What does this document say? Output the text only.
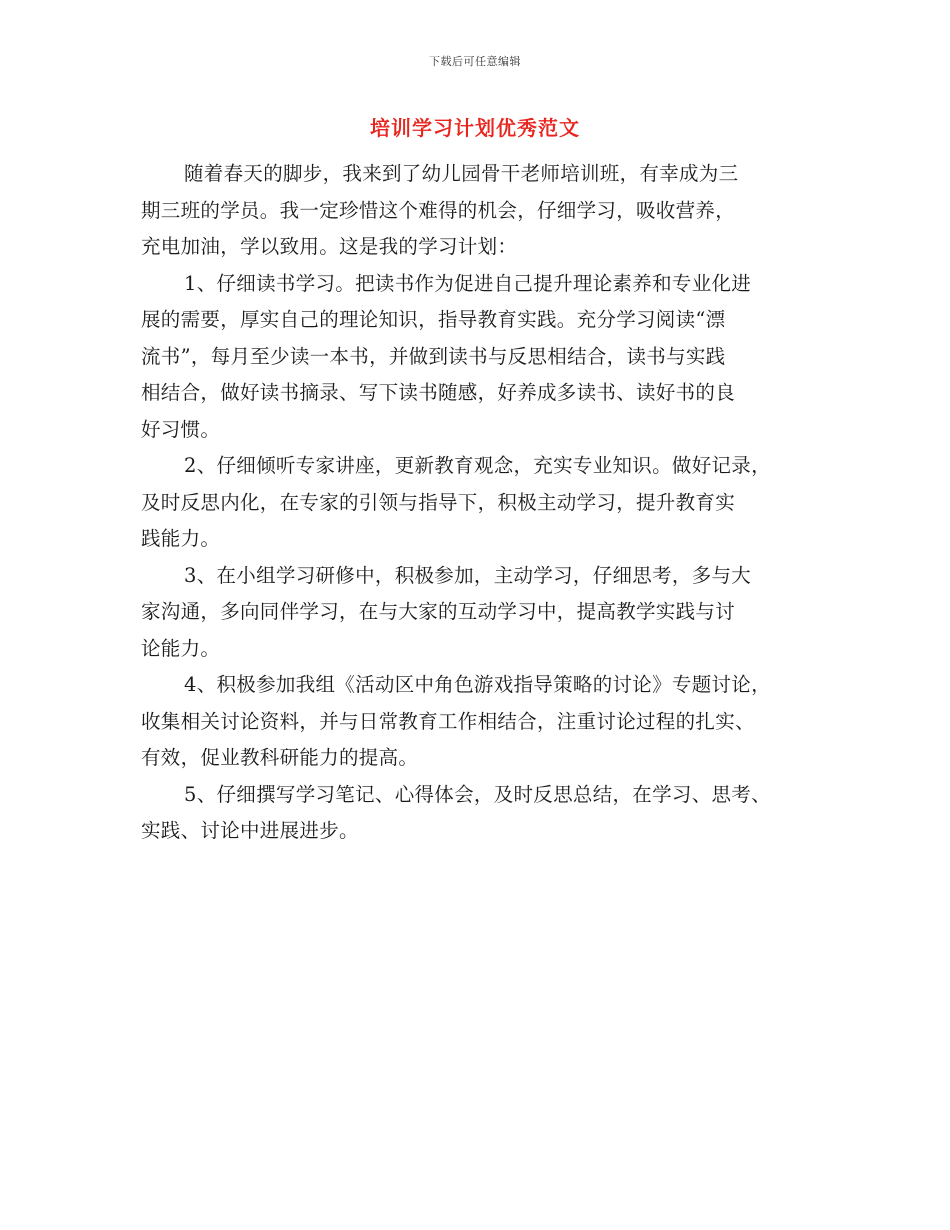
下载后可任意编辑
培训学习计划优秀范文
随着春天的脚步，我来到了幼儿园骨干老师培训班，有幸成为三
期三班的学员。我一定珍惜这个难得的机会，仔细学习，吸收营养，
充电加油，学以致用。这是我的学习计划：
1、仔细读书学习。把读书作为促进自己提升理论素养和专业化进
展的需要，厚实自己的理论知识，指导教育实践。充分学习阅读“漂
流书”，每月至少读一本书，并做到读书与反思相结合，读书与实践
相结合，做好读书摘录、写下读书随感，好养成多读书、读好书的良
好习惯。
2、仔细倾听专家讲座，更新教育观念，充实专业知识。做好记录，
及时反思内化，在专家的引领与指导下，积极主动学习，提升教育实
践能力。
3、在小组学习研修中，积极参加，主动学习，仔细思考，多与大
家沟通，多向同伴学习，在与大家的互动学习中，提高教学实践与讨
论能力。
4、积极参加我组《活动区中角色游戏指导策略的讨论》专题讨论，
收集相关讨论资料，并与日常教育工作相结合，注重讨论过程的扎实、
有效，促业教科研能力的提高。
5、仔细撰写学习笔记、心得体会，及时反思总结，在学习、思考、
实践、讨论中进展进步。
